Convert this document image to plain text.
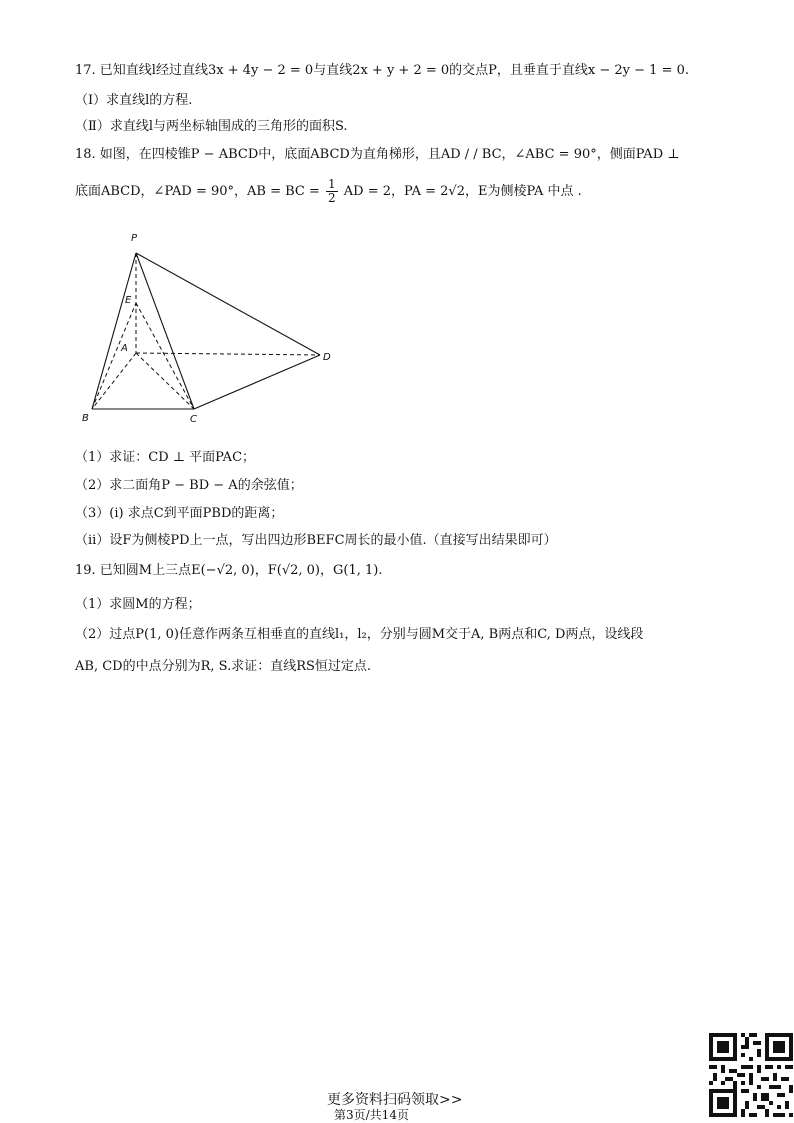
17. 已知直线l经过直线3x + 4y − 2 = 0与直线2x + y + 2 = 0的交点P，且垂直于直线x − 2y − 1 = 0.
（Ⅰ）求直线l的方程.
（Ⅱ）求直线l与两坐标轴围成的三角形的面积S.
18. 如图，在四棱锥P − ABCD中，底面ABCD为直角梯形，且AD / / BC，∠ABC = 90°，侧面PAD ⊥
底面ABCD，∠PAD = 90°，AB = BC = $\frac{1}{2}$ AD = 2，PA = 2√2，E为侧棱PA 中点 .
P
E
A
B	C
D
（1）求证：CD ⊥ 平面PAC；
（2）求二面角P − BD − A的余弦值；
（3）(i) 求点C到平面PBD的距离；
（ii）设F为侧棱PD上一点，写出四边形BEFC周长的最小值.（直接写出结果即可）
19. 已知圆M上三点E(−√2, 0)，F(√2, 0)，G(1, 1).
（1）求圆M的方程；
（2）过点P(1, 0)任意作两条互相垂直的直线l₁，l₂，分别与圆M交于A, B两点和C, D两点，设线段
AB, CD的中点分别为R, S.求证：直线RS恒过定点.
更多资料扫码领取>>
第3页/共14页
